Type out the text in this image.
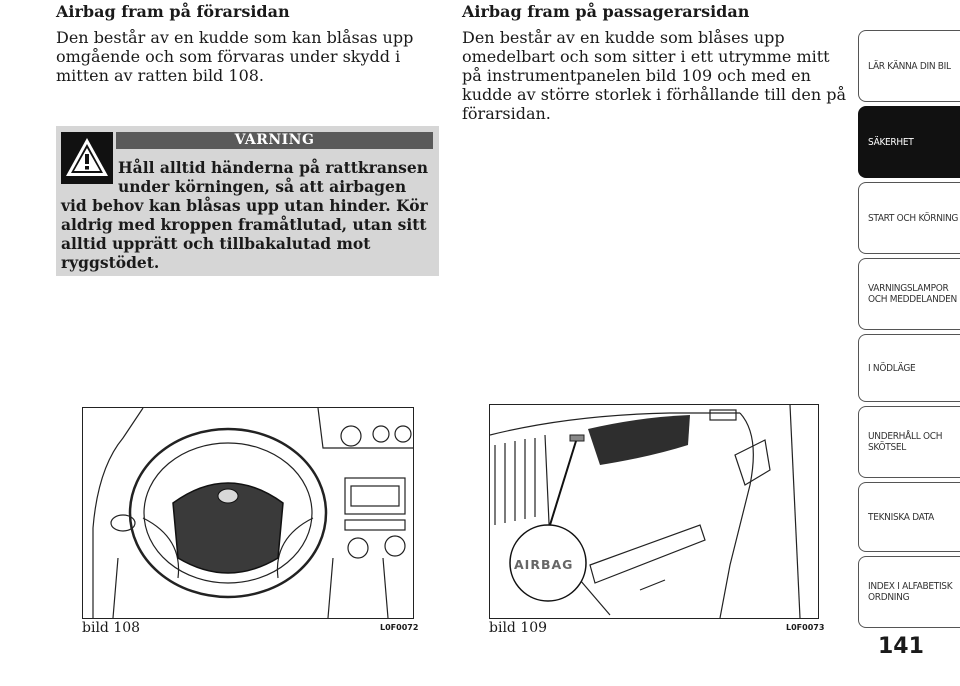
Airbag fram på förarsidan

Den består av en kudde som kan blåsas upp omgående och som förvaras under skydd i mitten av ratten bild 108.

VARNING
Håll alltid händerna på rattkransen under körningen, så att airbagen
vid behov kan blåsas upp utan hinder. Kör aldrig med kroppen framåtlutad, utan sitt alltid upprätt och tillbakalutad mot ryggstödet.
Airbag fram på passagerarsidan

Den består av en kudde som blåses upp omedelbart och som sitter i ett utrymme mitt på instrumentpanelen bild 109 och med en kudde av större storlek i förhållande till den på förarsidan.

bild 108	L0F0072
AIRBAG
bild 109	L0F0073
LÄR KÄNNA DIN BIL
SÄKERHET
START OCH KÖRNING
VARNINGSLAMPOR OCH MEDDELANDEN
I NÖDLÄGE
UNDERHÅLL OCH SKÖTSEL
TEKNISKA DATA
INDEX I ALFABETISK ORDNING
141
